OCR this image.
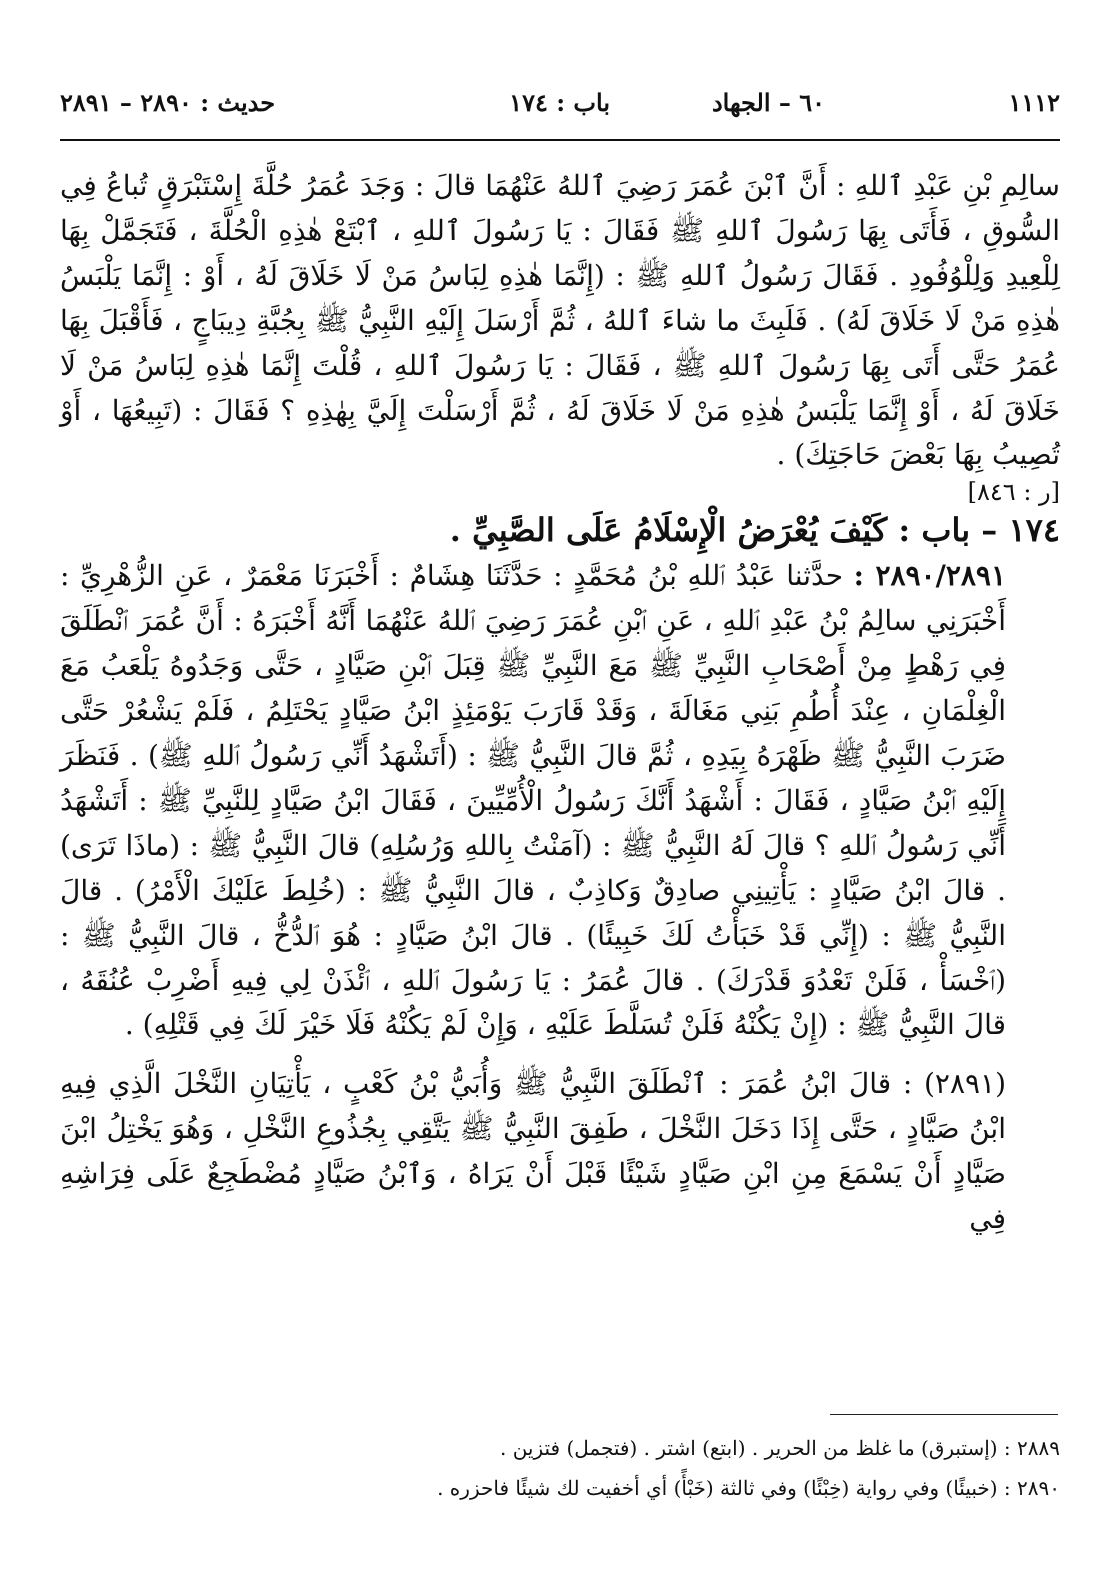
١١١٢
٦٠ – الجهاد
باب : ١٧٤
حديث : ٢٨٩٠ – ٢٨٩١

سالِمِ بْنِ عَبْدِ ٱللهِ : أَنَّ ٱبْنَ عُمَرَ رَضِيَ ٱللهُ عَنْهُمَا قالَ : وَجَدَ عُمَرُ حُلَّةَ إِسْتَبْرَقٍ تُباعُ فِي السُّوقِ ، فَأَتَى بِهَا رَسُولَ ٱللهِ ﷺ فَقَالَ : يَا رَسُولَ ٱللهِ ، ٱبْتَعْ هٰذِهِ الْحُلَّةَ ، فَتَجَمَّلْ بِهَا لِلْعِيدِ وَلِلْوُفُودِ . فَقَالَ رَسُولُ ٱللهِ ﷺ : (إِنَّمَا هٰذِهِ لِبَاسُ مَنْ لَا خَلَاقَ لَهُ ، أَوْ : إِنَّمَا يَلْبَسُ هٰذِهِ مَنْ لَا خَلَاقَ لَهُ) . فَلَبِثَ ما شاءَ ٱللهُ ، ثُمَّ أَرْسَلَ إِلَيْهِ النَّبِيُّ ﷺ بِجُبَّةِ دِيبَاجٍ ، فَأَقْبَلَ بِهَا عُمَرُ حَتَّى أَتَى بِهَا رَسُولَ ٱللهِ ﷺ ، فَقَالَ : يَا رَسُولَ ٱللهِ ، قُلْتَ إِنَّمَا هٰذِهِ لِبَاسُ مَنْ لَا خَلَاقَ لَهُ ، أَوْ إِنَّمَا يَلْبَسُ هٰذِهِ مَنْ لَا خَلَاقَ لَهُ ، ثُمَّ أَرْسَلْتَ إِلَيَّ بِهٰذِهِ ؟ فَقَالَ : (تَبِيعُهَا ، أَوْ تُصِيبُ بِهَا بَعْضَ حَاجَتِكَ) .

[ر : ٨٤٦]
١٧٤ – باب : كَيْفَ يُعْرَضُ الْإِسْلَامُ عَلَى الصَّبِيِّ .

٢٨٩٠/٢٨٩١ : حدَّثنا عَبْدُ ٱللهِ بْنُ مُحَمَّدٍ : حَدَّثَنَا هِشَامٌ : أَخْبَرَنَا مَعْمَرٌ ، عَنِ الزُّهْرِيِّ : أَخْبَرَنِي سالِمُ بْنُ عَبْدِ ٱللهِ ، عَنِ ٱبْنِ عُمَرَ رَضِيَ ٱللهُ عَنْهُمَا أَنَّهُ أَخْبَرَهُ : أَنَّ عُمَرَ ٱنْطَلَقَ فِي رَهْطٍ مِنْ أَصْحَابِ النَّبِيِّ ﷺ مَعَ النَّبِيِّ ﷺ قِبَلَ ٱبْنِ صَيَّادٍ ، حَتَّى وَجَدُوهُ يَلْعَبُ مَعَ الْغِلْمَانِ ، عِنْدَ أُطُمِ بَنِي مَغَالَةَ ، وَقَدْ قَارَبَ يَوْمَئِذٍ ابْنُ صَيَّادٍ يَحْتَلِمُ ، فَلَمْ يَشْعُرْ حَتَّى ضَرَبَ النَّبِيُّ ﷺ ظَهْرَهُ بِيَدِهِ ، ثُمَّ قالَ النَّبِيُّ ﷺ : (أَتَشْهَدُ أَنِّي رَسُولُ ٱللهِ ﷺ) . فَنَظَرَ إِلَيْهِ ٱبْنُ صَيَّادٍ ، فَقَالَ : أَشْهَدُ أَنَّكَ رَسُولُ الْأُمِّيِّينَ ، فَقَالَ ابْنُ صَيَّادٍ لِلنَّبِيِّ ﷺ : أَتَشْهَدُ أَنِّي رَسُولُ ٱللهِ ؟ قالَ لَهُ النَّبِيُّ ﷺ : (آمَنْتُ بِاللهِ وَرُسُلِهِ) قالَ النَّبِيُّ ﷺ : (ماذَا تَرَى) . قالَ ابْنُ صَيَّادٍ : يَأْتِينِي صادِقٌ وَكاذِبٌ ، قالَ النَّبِيُّ ﷺ : (خُلِطَ عَلَيْكَ الْأَمْرُ) . قالَ النَّبِيُّ ﷺ : (إِنِّي قَدْ خَبَأْتُ لَكَ خَبِيئًا) . قالَ ابْنُ صَيَّادٍ : هُوَ ٱلدُّخُّ ، قالَ النَّبِيُّ ﷺ : (ٱخْسَأْ ، فَلَنْ تَعْدُوَ قَدْرَكَ) . قالَ عُمَرُ : يَا رَسُولَ ٱللهِ ، ٱئْذَنْ لِي فِيهِ أَضْرِبْ عُنُقَهُ ، قالَ النَّبِيُّ ﷺ : (إِنْ يَكُنْهُ فَلَنْ تُسَلَّطَ عَلَيْهِ ، وَإِنْ لَمْ يَكُنْهُ فَلَا خَيْرَ لَكَ فِي قَتْلِهِ) .

(٢٨٩١) : قالَ ابْنُ عُمَرَ : ٱنْطَلَقَ النَّبِيُّ ﷺ وَأُبَيُّ بْنُ كَعْبٍ ، يَأْتِيَانِ النَّخْلَ الَّذِي فِيهِ ابْنُ صَيَّادٍ ، حَتَّى إِذَا دَخَلَ النَّخْلَ ، طَفِقَ النَّبِيُّ ﷺ يَتَّقِي بِجُذُوعِ النَّخْلِ ، وَهُوَ يَخْتِلُ ابْنَ صَيَّادٍ أَنْ يَسْمَعَ مِنِ ابْنِ صَيَّادٍ شَيْئًا قَبْلَ أَنْ يَرَاهُ ، وَٱبْنُ صَيَّادٍ مُضْطَجِعٌ عَلَى فِرَاشِهِ فِي

٢٨٨٩ : (إستبرق) ما غلظ من الحرير . (ابتع) اشتر . (فتجمل) فتزين .

٢٨٩٠ : (خبيئًا) وفي رواية (خِبْئًا) وفي ثالثة (خَبْأً) أي أخفيت لك شيئًا فاحزره .
